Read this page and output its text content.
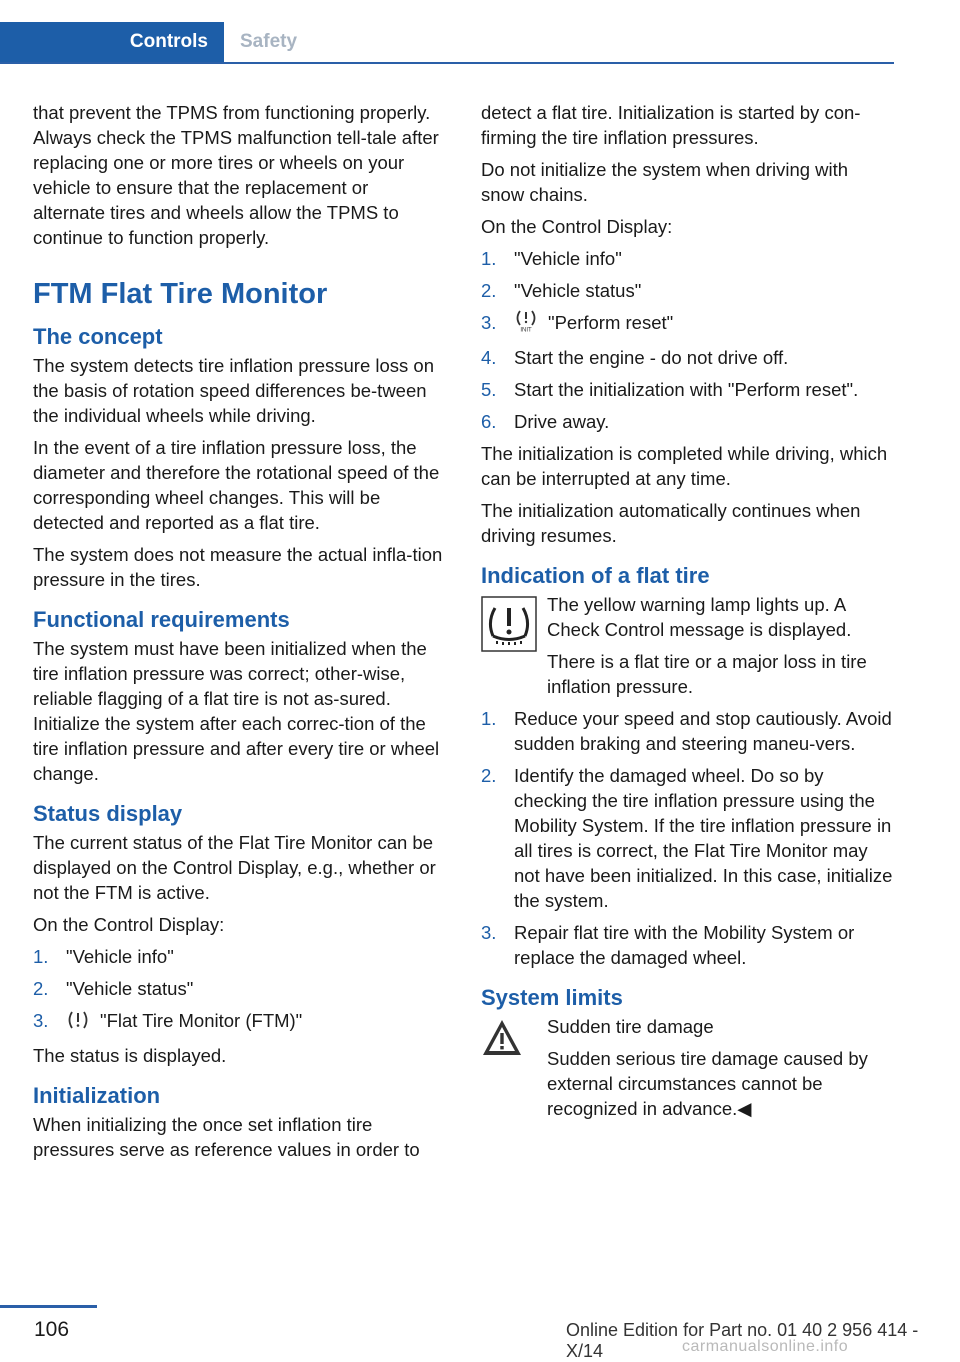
Controls	Safety

that prevent the TPMS from functioning properly. Always check the TPMS malfunction tell‐tale after replacing one or more tires or wheels on your vehicle to ensure that the replacement or alternate tires and wheels allow the TPMS to continue to function properly.

FTM Flat Tire Monitor
The concept

The system detects tire inflation pressure loss on the basis of rotation speed differences be‐tween the individual wheels while driving.

In the event of a tire inflation pressure loss, the diameter and therefore the rotational speed of the corresponding wheel changes. This will be detected and reported as a flat tire.

The system does not measure the actual infla‐tion pressure in the tires.

Functional requirements

The system must have been initialized when the tire inflation pressure was correct; other‐wise, reliable flagging of a flat tire is not as‐sured. Initialize the system after each correc‐tion of the tire inflation pressure and after every tire or wheel change.

Status display

The current status of the Flat Tire Monitor can be displayed on the Control Display, e.g., whether or not the FTM is active.

On the Control Display:

1. "Vehicle info"
2. "Vehicle status"
3.	"Flat Tire Monitor (FTM)"

The status is displayed.

Initialization

When initializing the once set inflation tire pressures serve as reference values in order to

detect a flat tire. Initialization is started by con‐firming the tire inflation pressures.

Do not initialize the system when driving with snow chains.

On the Control Display:

1. "Vehicle info"
2. "Vehicle status"
3.	INIT "Perform reset"
4. Start the engine - do not drive off.
5. Start the initialization with "Perform reset".
6. Drive away.

The initialization is completed while driving, which can be interrupted at any time.

The initialization automatically continues when driving resumes.

Indication of a flat tire

The yellow warning lamp lights up. A Check Control message is displayed.

There is a flat tire or a major loss in tire inflation pressure.

1. Reduce your speed and stop cautiously. Avoid sudden braking and steering maneu‐vers.
2. Identify the damaged wheel. Do so by checking the tire inflation pressure using the Mobility System. If the tire inflation pressure in all tires is correct, the Flat Tire Monitor may not have been initialized. In this case, initialize the system.
3. Repair flat tire with the Mobility System or replace the damaged wheel.
System limits

Sudden tire damage

Sudden serious tire damage caused by external circumstances cannot be recognized in advance.◀

106	Online Edition for Part no. 01 40 2 956 414 - X/14	carmanualsonline.info
